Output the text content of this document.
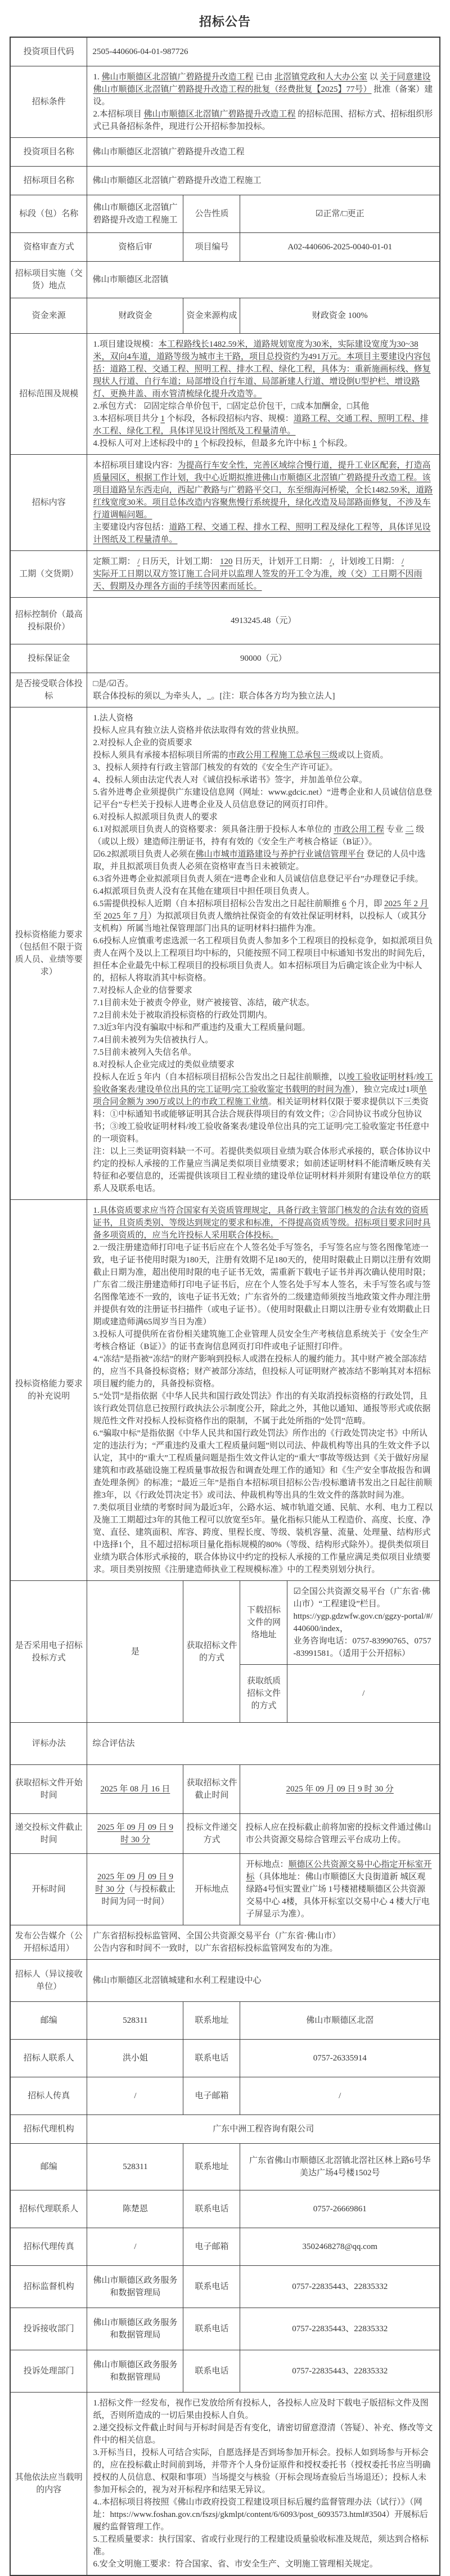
招标公告
投资项目代码	2505-440606-04-01-987726			
招标条件	1. 佛山市顺德区北滘镇广碧路提升改造工程 已由 北滘镇党政和人大办公室 以 关于同意建设佛山市顺德区北滘镇广碧路提升改造工程的批复（经费批复【2025】77号） 批准（备案）建设。
2.本招标项目 佛山市顺德区北滘镇广碧路提升改造工程 的招标范围、招标方式、招标组织形式已具备招标条件，现进行公开招标参加投标。			

投资项目名称	佛山市顺德区北滘镇广碧路提升改造工程			
招标项目名称	佛山市顺德区北滘镇广碧路提升改造工程施工			
标段（包）名称	佛山市顺德区北滘镇广碧路提升改造工程施工	公告性质	☑正常/□更正	
资格审查方式	资格后审	项目编号	A02-440606-2025-0040-01-01	
招标项目实施（交货）地点	佛山市顺德区北滘镇			
资金来源	财政资金	资金来源构成	财政资金 100%	
招标范围及规模	1.项目建设规模：本工程路线长1482.59米，道路规划宽度为30米，实际建设宽度为30~38米，双向4车道，道路等级为城市主干路，项目总投资约为491万元。本项目主要建设内容包括：道路工程、交通工程、照明工程、排水工程、绿化工程，具体为：重新施画标线、修复现状人行道、自行车道；局部增设自行车道、局部新建人行道、增设倒U型护栏、增设路灯、更换井盖、雨水管清梳绿化提升改造等。
2.承包方式： ☑固定综合单价包干，□固定总价包干，□成本加酬金，□其他
3.本招标项目共分 1 个标段，各标段招标内容、规模：道路工程、交通工程、照明工程、排水工程、绿化工程，具体详见设计图纸及工程量清单。
4.投标人可对上述标段中的 1 个标段投标，但最多允许中标 1 个标段。			

招标内容	本招标项目建设内容：为提高行车安全性，完善区域综合慢行道，提升工业区配套，打造高质量园区，根据工作计划，我中心近期拟推进佛山市顺德区北滘镇广碧路提升改造工程。该项目道路呈东西走向，西起广教路与广碧路平交口，东至细海河桥梁，全长1482.59米，道路红线宽度30米。项目总体改造内容聚焦慢行系统提升，绿化改造及局部路面修复，不涉及车行道调幅问题。
主要建设内容包括：道路工程、交通工程、排水工程、照明工程及绿化工程等，具体详见设计图纸及工程量清单。			

工期（交货期）	定额工期： / 日历天，计划工期： 120 日历天，计划开工日期： /，计划竣工日期： /
实际开工日期以双方签订施工合同并以监理人签发的开工令为准，竣（交）工日期不因雨天、假期及办理各方面的手续等因素而延长。			

招标控制价（最高投标限价）	4913245.48（元）			
投标保证金	90000（元）			
是否接受联合体投标	□是/☑否。
联合体投标的须以_为牵头人，_。[注：联合体各方均为独立法人]			

投标资格能力要求（包括但不限于资质人员、业绩等要求）	
1.法人资格
投标人应具有独立法人资格并依法取得有效的营业执照。
2.对投标人企业的资质要求
投标人须具有承接本招标项目所需的市政公用工程施工总承包三级或以上资质。
3、投标人须持有行政主管部门核发的有效的《安全生产许可证》。
4、投标人须由法定代表人对《诚信投标承诺书》签字，并加盖单位公章。
5.省外进粤企业须提供广东建设信息网（网址：www.gdcic.net）“进粤企业和人员诚信信息登记平台”专栏关于投标人进粤企业及人员信息登记的网页打印件。
6.对投标人拟派项目负责人的要求
6.1对拟派项目负责人的资格要求：须具备注册于投标人本单位的 市政公用工程 专业 二 级（或以上级）建造师注册证书，持有有效的《安全生产考核合格证（B证）》。
☑6.2拟派项目负责人必须在佛山市城市道路建设与养护行业诚信管理平台 登记的人员中选取，并且拟派项目负责人必须在资格审查当日未被锁定。
6.3省外进粤企业拟派项目负责人须在“进粤企业和人员诚信信息登记平台”办理登记手续。
6.4拟派项目负责人没有在其他在建项目中担任项目负责人。
6.5需提供投标人近期（自本招标项目招标公告发出之日起往前顺推 6 个月，即 2025 年 2 月至 2025 年 7 月）为拟派项目负责人缴纳社保资金的有效社保证明材料，以投标人（或其分支机构）所属当地社保管理部门出具的证明材料扫描件为准。
6.6投标人应慎重考虑选派一名工程项目负责人参加多个工程项目的投标竞争，如拟派项目负责人在两个及以上工程项目均中标的，只能按照不同工程项目中标通知书发出的时间先后，担任本企业最先中标工程项目的投标项目负责人。如本招标项目为后确定该企业为中标人的，招标人将取消其中标资格。
7.对投标人企业的信誉要求
7.1目前未处于被责令停业，财产被接管、冻结，破产状态。
7.2目前未处于被取消投标资格的行政处罚期内。
7.3近3年内没有骗取中标和严重违约及重大工程质量问题。
7.4目前未被列为失信被执行人。
7.5目前未被列入失信名单。
8.对投标人企业完成过的类似业绩要求
投标人在近 5 年内（自本招标项目招标公告发出之日起往前顺推，以竣工验收证明材料/竣工验收备案表/建设单位出具的完工证明/完工验收鉴定书载明的时间为准），独立完成过1项单项合同金额为 390万或以上的市政工程施工业绩。相关证明材料仅限于要求提供以下三类资料：①中标通知书或能够证明其合法合规获得项目的有效文件；②合同协议书或分包协议书；③竣工验收证明材料/竣工验收备案表/建设单位出具的完工证明/完工验收鉴定书任意中的一项资料。
注：以上三类证明资料缺一不可。若提供类似项目业绩为联合体形式承接的，联合体协议中约定的投标人承接的工作量应当满足类似项目业绩要求；如前述证明材料不能清晰反映有关特征和必要信息的，还需提供该项目工程业绩的建设单位证明材料并须附有建设单位方的联系人及联系电话。

投标资格能力要求的补充说明	
1.具体资质要求应当符合国家有关资质管理规定，具备行政主管部门核发的合法有效的资质证书，且资质类别、等级达到规定的要求和标准，不得提高资质等级。招标项目要求同时具备多项资质的，应当允许投标人采用联合体投标。
2.一级注册建造师打印电子证书后应在个人签名处手写签名，手写签名应与签名图像笔迹一致，电子证书使用时限为180天，注册有效期不足180天的，使用时限截止日期以注册有效期截止日期为准，超出使用时限的电子证书无效，需重新下载电子证书并再次确认使用时限；广东省二级注册建造师打印电子证书后，应在个人签名处手写本人签名，未手写签名或与签名图像笔迹不一致的，该电子证书无效；广东省外的二级建造师须按当地政策文件办理注册并提供有效的注册证书扫描件（或电子证书）。（使用时限截止日期以注册专业有效期截止日期或建造师满65周岁当日为准）
3.投标人可提供所在省份相关建筑施工企业管理人员安全生产考核信息系统关于《安全生产考核合格证（B证）》的证书查询信息网页打印件或电子证照打印件。
4.“冻结”是指被“冻结”的财产影响到投标人或潜在投标人的履约能力。其中财产被全部冻结的，应当不具备投标资格；财产被部分冻结，但投标人可证明财产被冻结不影响其对本招标项目履约能力的，具备投标资格。
5.“处罚”是指依据《中华人民共和国行政处罚法》作出的有关取消投标资格的行政处罚，且该行政处罚信息已按照行政执法公示制度公开，除此之外，其他以通知、通报等形式或依据规范性文件对投标人投标资格作出的限制，不属于此处所指的“处罚”范畴。
6.“骗取中标”是指依据《中华人民共和国行政处罚法》所作出的《行政处罚决定书》中所认定的违法行为；“严重违约及重大工程质量问题”则以司法、仲裁机构等出具的生效文件予以认定，其中的“重大”工程质量问题是指生效文件认定的“重大”事故等级达到《关于做好房屋建筑和市政基础设施工程质量事故报告和调查处理工作的通知》和《生产安全事故报告和调查处理条例》的标准；“最近三年”是指自本招标项目招标公告/投标邀请书发出之日起往前顺推3年，以《行政处罚决定书》或司法、仲裁机构等出具的生效文件的落款时间为准。
7.类似项目业绩的考察时间为最近3年，公路水运、城市轨道交通、民航、水利、电力工程以及施工工期超过3年的其他工程可以放宽至5年。量化指标只能从工程造价、高度、长度、净宽、直径、建筑面积、库容、跨度、里程长度、等级、装机容量、流量、处理量、结构形式中选择1个，且不超过招标项目量化指标规模的80%（等级、结构形式除外）。提供类似项目业绩为联合体形式承接的，联合体协议中约定的投标人承接的工作量应满足类似项目业绩要求。项目类别按照《注册建造师执业工程规模标准》中的工程类别划分执行。

是否采用电子招标投标方式	是	获取招标文件的方式	下载招标文件的网络地址	☑全国公共资源交易平台（广东省·佛山市）“工程建设”栏目。
https://ygp.gdzwfw.gov.cn/ggzy-portal/#/440600/index，
业务咨询电话：0757-83990765、0757-83991581。（适用于公开招标）

			获取纸质招标文件的方式	/
评标办法	综合评估法			
获取招标文件开始时间	2025 年 08 月 16 日	获取招标文件截止时间	2025 年 09 月 09 日 9 时 30 分	

递交投标文件截止时间	2025 年 09 月 09 日 9 时 30 分	投标文件递交方式	投标人应在投标截止前将加密的投标文件通过佛山市公共资源交易综合管理云平台成功上传。	
开标时间	2025 年 09 月 09 日 9 时 30 分（与投标截止时间为同一时间）	开标地点	开标地点：顺德区公共资源交易中心指定开标室开标（具体地址：佛山市顺德区大良街道新 城区观绿路4号恒实置业广场 1号楼裙楼顺德区公共资源交易中心 4楼，具体开标室以交易中心 4 楼大厅电子屏显示为准）。	

发布公告媒介（公开招标适用）	广东省招标投标监管网、全国公共资源交易平台（广东省·佛山市）
公告内容和时间不一致时，以广东省招标投标监管网发布的为准。			

招标人（异议接收单位）	佛山市顺德区北滘镇城建和水利工程建设中心			
邮编	528311	联系地址	佛山市顺德区北滘	
招标人联系人	洪小姐	联系电话	0757-26335914	
招标人传真	/	电子邮箱	/	
招标代理机构	广东中洲工程咨询有限公司			
邮编	528311	联系地址	广东省佛山市顺德区北滘镇北滘社区林上路6号华美达广场4号楼1502号	
招标代理联系人	陈楚恩	联系电话	0757-26669861	
招标代理传真	/	电子邮箱	3502468278@qq.com	
招标监督机构	佛山市顺德区政务服务和数据管理局	联系电话	0757-22835443、22835332	
投诉接收部门	佛山市顺德区政务服务和数据管理局	联系电话	0757-22835443、22835332	
投诉处理部门	佛山市顺德区政务服务和数据管理局	联系电话	0757-22835443、22835332	
其他依法应当载明的内容	
1.招标文件一经发布，视作已发放给所有投标人，各投标人应及时下载电子版招标文件及图纸，否则所造成的一切后果由投标人自负。
2.递交投标文件截止时间与开标时间是否有变化，请密切留意澄清（答疑）、补充、修改等文件中的相关信息。
3.开标当日，投标人可结合实际，自愿选择是否到场参加开标会。投标人如到场参与开标会的，应在投标截止时间前到场，并带齐个人身份证原件和授权委托书（授权委托书应当明确授权的人员信息、权限和事项）当场提交与核验（开标会现场查验后当场退还）；投标人未参加开标会的，视为对开标程序和结果无异议。
4..本招标项目将按照《佛山市政府投资工程建设项目标后履约监督管理办法（试行）》（网址：https://www.foshan.gov.cn/fszsj/gkmlpt/content/6/6093/post_6093573.html#3504）开展标后履约监督管理工作。
5.工程质量要求：执行国家、省或行业现行的工程建设质量验收标准及规范，须达到合格标准。
6.安全文明施工要求：符合国家、省、市安全生产、文明施工管理相关规定。
